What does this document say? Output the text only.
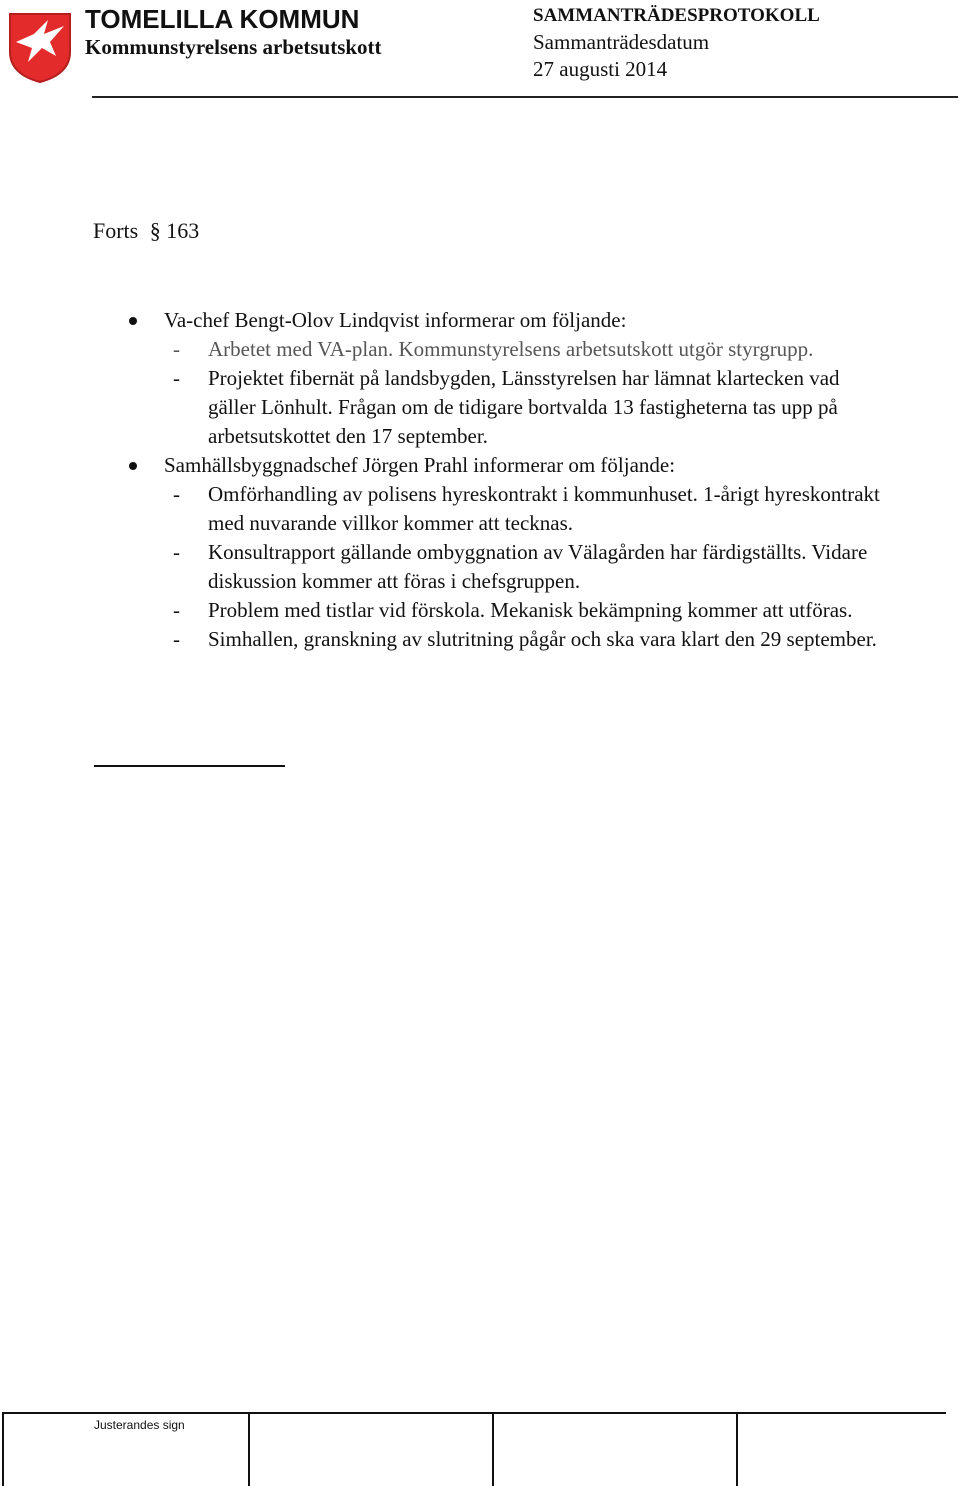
TOMELILLA KOMMUN
Kommunstyrelsens arbetsutskott
SAMMANTRÄDESPROTOKOLL
Sammanträdesdatum
27 augusti 2014
Forts § 163
Va-chef Bengt-Olov Lindqvist informerar om följande:
- Arbetet med VA-plan. Kommunstyrelsens arbetsutskott utgör styrgrupp.
- Projektet fibernät på landsbygden, Länsstyrelsen har lämnat klartecken vad gäller Lönhult. Frågan om de tidigare bortvalda 13 fastigheterna tas upp på arbetsutskottet den 17 september.
Samhällsbyggnadschef Jörgen Prahl informerar om följande:
- Omförhandling av polisens hyreskontrakt i kommunhuset. 1-årigt hyreskontrakt med nuvarande villkor kommer att tecknas.
- Konsultrapport gällande ombyggnation av Välagården har färdigställts. Vidare diskussion kommer att föras i chefsgruppen.
- Problem med tistlar vid förskola. Mekanisk bekämpning kommer att utföras.
- Simhallen, granskning av slutritning pågår och ska vara klart den 29 september.
Justerandes sign
